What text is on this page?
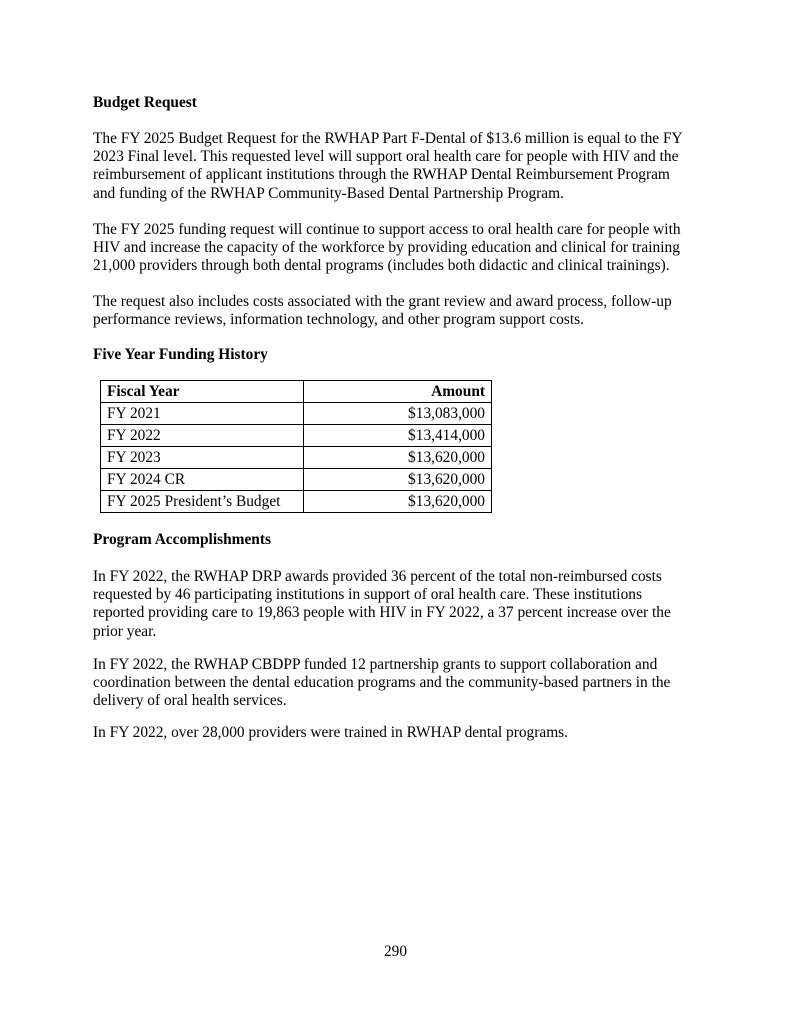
Budget Request
The FY 2025 Budget Request for the RWHAP Part F-Dental of $13.6 million is equal to the FY
2023 Final level. This requested level will support oral health care for people with HIV and the
reimbursement of applicant institutions through the RWHAP Dental Reimbursement Program
and funding of the RWHAP Community-Based Dental Partnership Program.
The FY 2025 funding request will continue to support access to oral health care for people with
HIV and increase the capacity of the workforce by providing education and clinical for training
21,000 providers through both dental programs (includes both didactic and clinical trainings).
The request also includes costs associated with the grant review and award process, follow-up
performance reviews, information technology, and other program support costs.
Five Year Funding History
Fiscal Year	Amount
FY 2021	$13,083,000
FY 2022	$13,414,000
FY 2023	$13,620,000
FY 2024 CR	$13,620,000
FY 2025 President’s Budget	$13,620,000
Program Accomplishments
In FY 2022, the RWHAP DRP awards provided 36 percent of the total non-reimbursed costs
requested by 46 participating institutions in support of oral health care. These institutions
reported providing care to 19,863 people with HIV in FY 2022, a 37 percent increase over the
prior year.
In FY 2022, the RWHAP CBDPP funded 12 partnership grants to support collaboration and
coordination between the dental education programs and the community-based partners in the
delivery of oral health services.
In FY 2022, over 28,000 providers were trained in RWHAP dental programs.
290
